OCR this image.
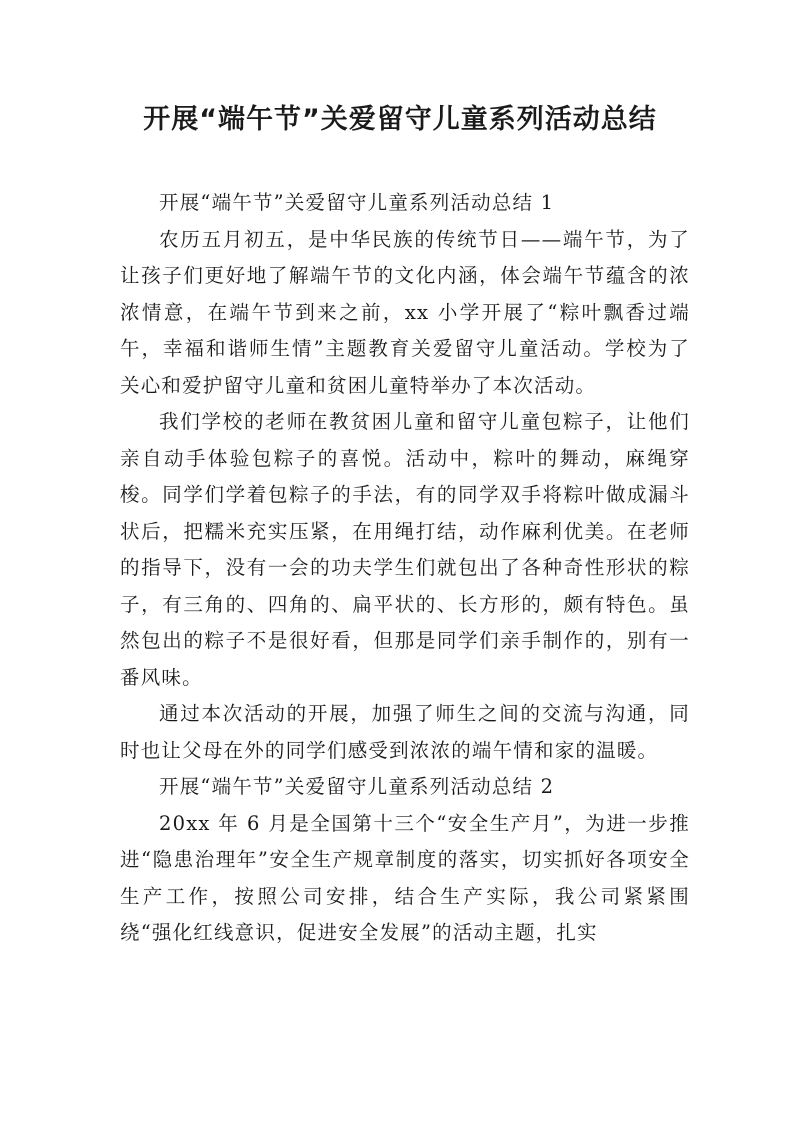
开展“端午节”关爱留守儿童系列活动总结

开展“端午节”关爱留守儿童系列活动总结 1

农历五月初五，是中华民族的传统节日——端午节，为了让孩子们更好地了解端午节的文化内涵，体会端午节蕴含的浓浓情意，在端午节到来之前，xx 小学开展了“粽叶飘香过端午，幸福和谐师生情”主题教育关爱留守儿童活动。学校为了关心和爱护留守儿童和贫困儿童特举办了本次活动。

我们学校的老师在教贫困儿童和留守儿童包粽子，让他们亲自动手体验包粽子的喜悦。活动中，粽叶的舞动，麻绳穿梭。同学们学着包粽子的手法，有的同学双手将粽叶做成漏斗状后，把糯米充实压紧，在用绳打结，动作麻利优美。在老师的指导下，没有一会的功夫学生们就包出了各种奇性形状的粽子，有三角的、四角的、扁平状的、长方形的，颇有特色。虽然包出的粽子不是很好看，但那是同学们亲手制作的，别有一番风味。

通过本次活动的开展，加强了师生之间的交流与沟通，同时也让父母在外的同学们感受到浓浓的端午情和家的温暖。

开展“端午节”关爱留守儿童系列活动总结 2

20xx 年 6 月是全国第十三个“安全生产月”，为进一步推进“隐患治理年”安全生产规章制度的落实，切实抓好各项安全生产工作，按照公司安排，结合生产实际，我公司紧紧围绕“强化红线意识，促进安全发展”的活动主题，扎实
